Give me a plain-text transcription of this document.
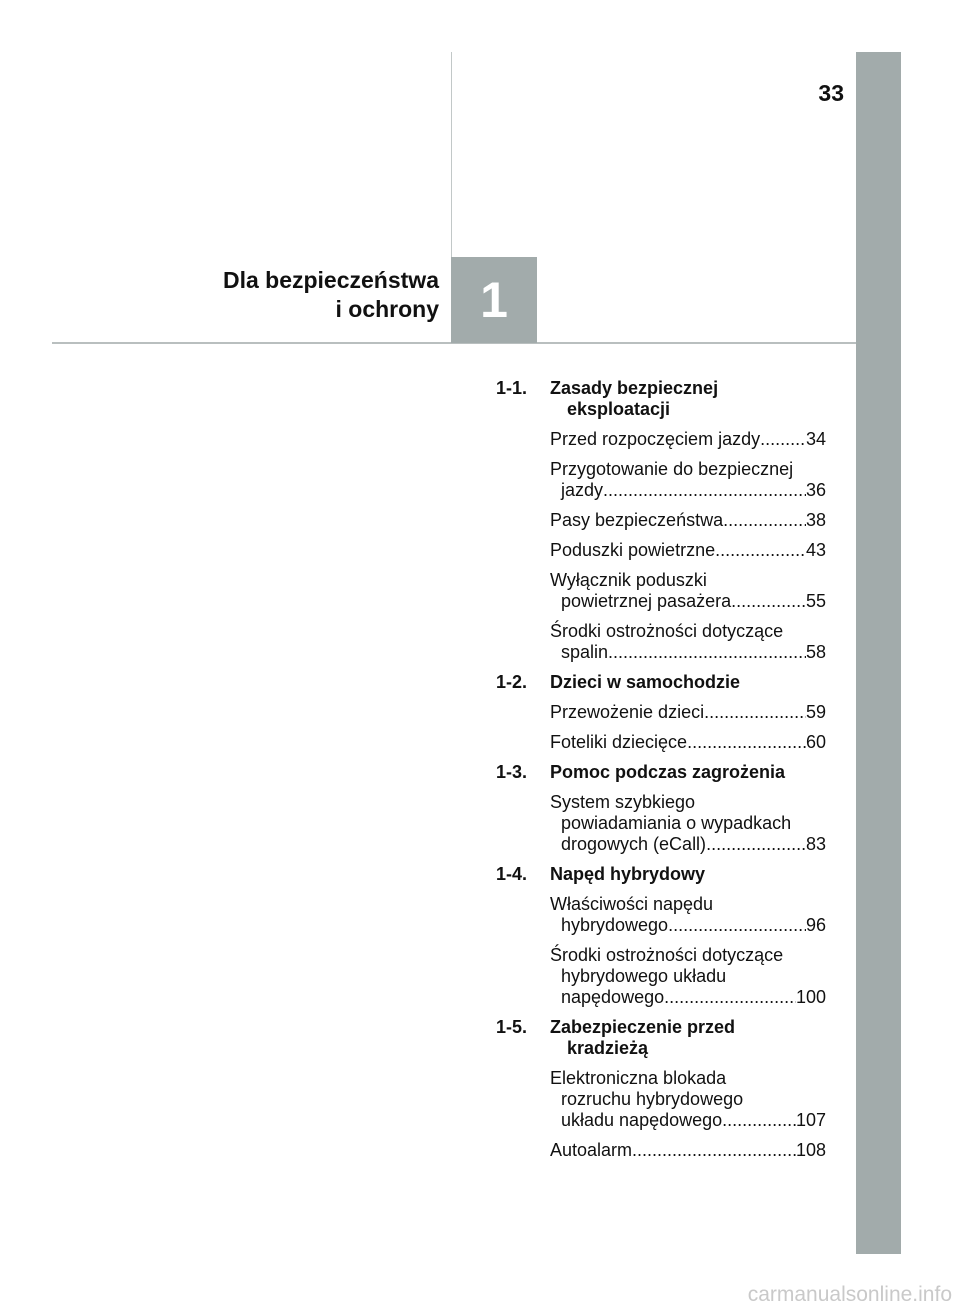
33
Dla bezpieczeństwa
i ochrony 1
1-1. Zasady bezpiecznej
eksploatacji
Przed rozpoczęciem jazdy .....	34
Przygotowanie do bezpiecznej
jazdy .....	36
Pasy bezpieczeństwa .....	38
Poduszki powietrzne .....	43
Wyłącznik poduszki
powietrznej pasażera .....	55
Środki ostrożności dotyczące
spalin .....	58
1-2. Dzieci w samochodzie
Przewożenie dzieci .....	59
Foteliki dziecięce .....	60
1-3. Pomoc podczas zagrożenia
System szybkiego
powiadamiania o wypadkach
drogowych (eCall) .....	83
1-4. Napęd hybrydowy
Właściwości napędu
hybrydowego .....	96
Środki ostrożności dotyczące
hybrydowego układu
napędowego .....	100
1-5. Zabezpieczenie przed
kradzieżą
Elektroniczna blokada
rozruchu hybrydowego
układu napędowego .....	107
Autoalarm .....	108
carmanualsonline.info
